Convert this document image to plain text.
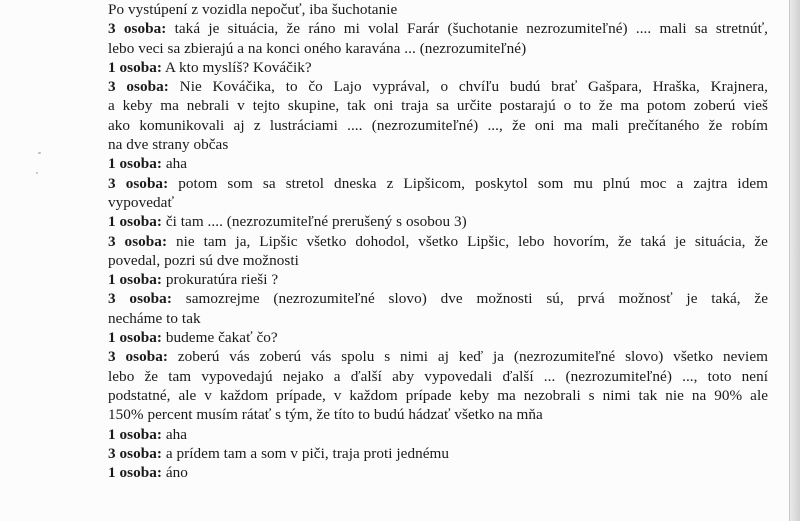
Po vystúpení z vozidla nepočuť, iba šuchotanie
3 osoba: taká je situácia, že ráno mi volal Farár (šuchotanie nezrozumiteľné) .... mali sa stretnúť,
lebo veci sa zbierajú a na konci oného karavána ... (nezrozumiteľné)
1 osoba: A kto myslíš? Kováčik?
3 osoba: Nie Kováčika, to čo Lajo vyprával, o chvíľu budú brať Gašpara, Hraška, Krajnera,
a keby ma nebrali v tejto skupine, tak oni traja sa určite postarajú o to že ma potom zoberú vieš
ako komunikovali aj z lustráciami .... (nezrozumiteľné) ..., že oni ma mali prečítaného že robím
na dve strany občas
1 osoba: aha
3 osoba: potom som sa stretol dneska z Lipšicom, poskytol som mu plnú moc a zajtra idem
vypovedať
1 osoba: či tam .... (nezrozumiteľné prerušený s osobou 3)
3 osoba: nie tam ja, Lipšic všetko dohodol, všetko Lipšic, lebo hovorím, že taká je situácia, že
povedal, pozri sú dve možnosti
1 osoba: prokuratúra rieši ?
3 osoba: samozrejme (nezrozumiteľné slovo) dve možnosti sú, prvá možnosť je taká, že
necháme to tak
1 osoba: budeme čakať čo?
3 osoba: zoberú vás zoberú vás spolu s nimi aj keď ja (nezrozumiteľné slovo) všetko neviem
lebo že tam vypovedajú nejako a ďalší aby vypovedali ďalší ... (nezrozumiteľné) ..., toto není
podstatné, ale v každom prípade, v každom prípade keby ma nezobrali s nimi tak nie na 90% ale
150% percent musím rátať s tým, že títo to budú hádzať všetko na mňa
1 osoba: aha
3 osoba: a prídem tam a som v piči, traja proti jednému
1 osoba: áno
